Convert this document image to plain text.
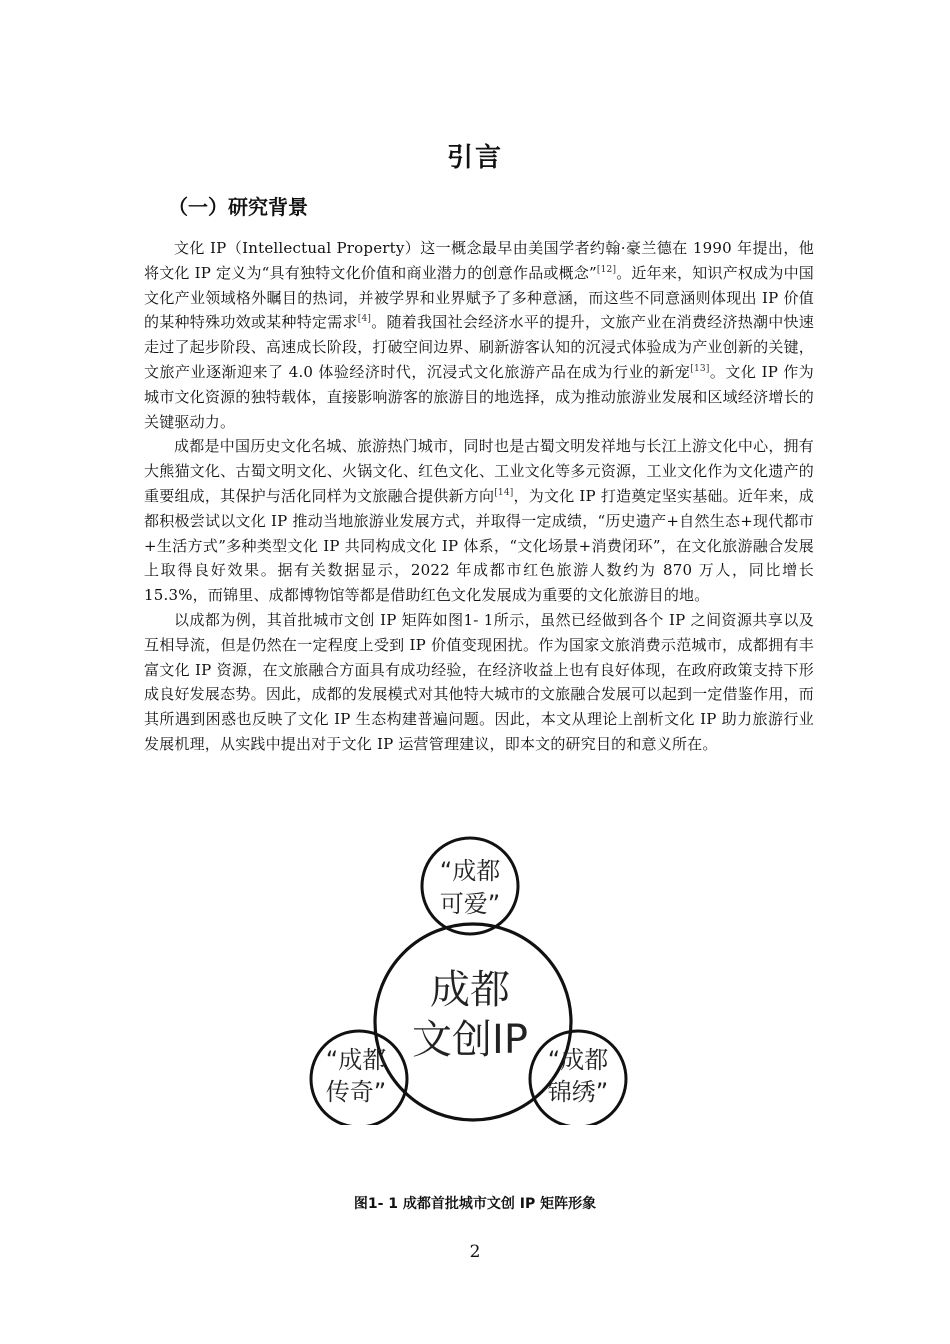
引言
（一）研究背景

文化 IP（Intellectual Property）这一概念最早由美国学者约翰·豪兰德在 1990 年提出，他将文化 IP 定义为“具有独特文化价值和商业潜力的创意作品或概念”[12]。近年来，知识产权成为中国文化产业领域格外瞩目的热词，并被学界和业界赋予了多种意涵，而这些不同意涵则体现出 IP 价值的某种特殊功效或某种特定需求[4]。随着我国社会经济水平的提升，文旅产业在消费经济热潮中快速走过了起步阶段、高速成长阶段，打破空间边界、刷新游客认知的沉浸式体验成为产业创新的关键，文旅产业逐渐迎来了 4.0 体验经济时代，沉浸式文化旅游产品在成为行业的新宠[13]。文化 IP 作为城市文化资源的独特载体，直接影响游客的旅游目的地选择，成为推动旅游业发展和区域经济增长的关键驱动力。

成都是中国历史文化名城、旅游热门城市，同时也是古蜀文明发祥地与长江上游文化中心，拥有大熊猫文化、古蜀文明文化、火锅文化、红色文化、工业文化等多元资源，工业文化作为文化遗产的重要组成，其保护与活化同样为文旅融合提供新方向[14]，为文化 IP 打造奠定坚实基础。近年来，成都积极尝试以文化 IP 推动当地旅游业发展方式，并取得一定成绩，“历史遗产+自然生态+现代都市+生活方式”多种类型文化 IP 共同构成文化 IP 体系，“文化场景+消费闭环”，在文化旅游融合发展上取得良好效果。据有关数据显示，2022 年成都市红色旅游人数约为 870 万人，同比增长 15.3%，而锦里、成都博物馆等都是借助红色文化发展成为重要的文化旅游目的地。

以成都为例，其首批城市文创 IP 矩阵如图1- 1所示，虽然已经做到各个 IP 之间资源共享以及互相导流，但是仍然在一定程度上受到 IP 价值变现困扰。作为国家文旅消费示范城市，成都拥有丰富文化 IP 资源，在文旅融合方面具有成功经验，在经济收益上也有良好体现，在政府政策支持下形成良好发展态势。因此，成都的发展模式对其他特大城市的文旅融合发展可以起到一定借鉴作用，而其所遇到困惑也反映了文化 IP 生态构建普遍问题。因此，本文从理论上剖析文化 IP 助力旅游行业发展机理，从实践中提出对于文化 IP 运营管理建议，即本文的研究目的和意义所在。

成都
文创IP
“成都
可爱”
“成都
传奇”
“成都
锦绣”
图1- 1 成都首批城市文创 IP 矩阵形象
2
